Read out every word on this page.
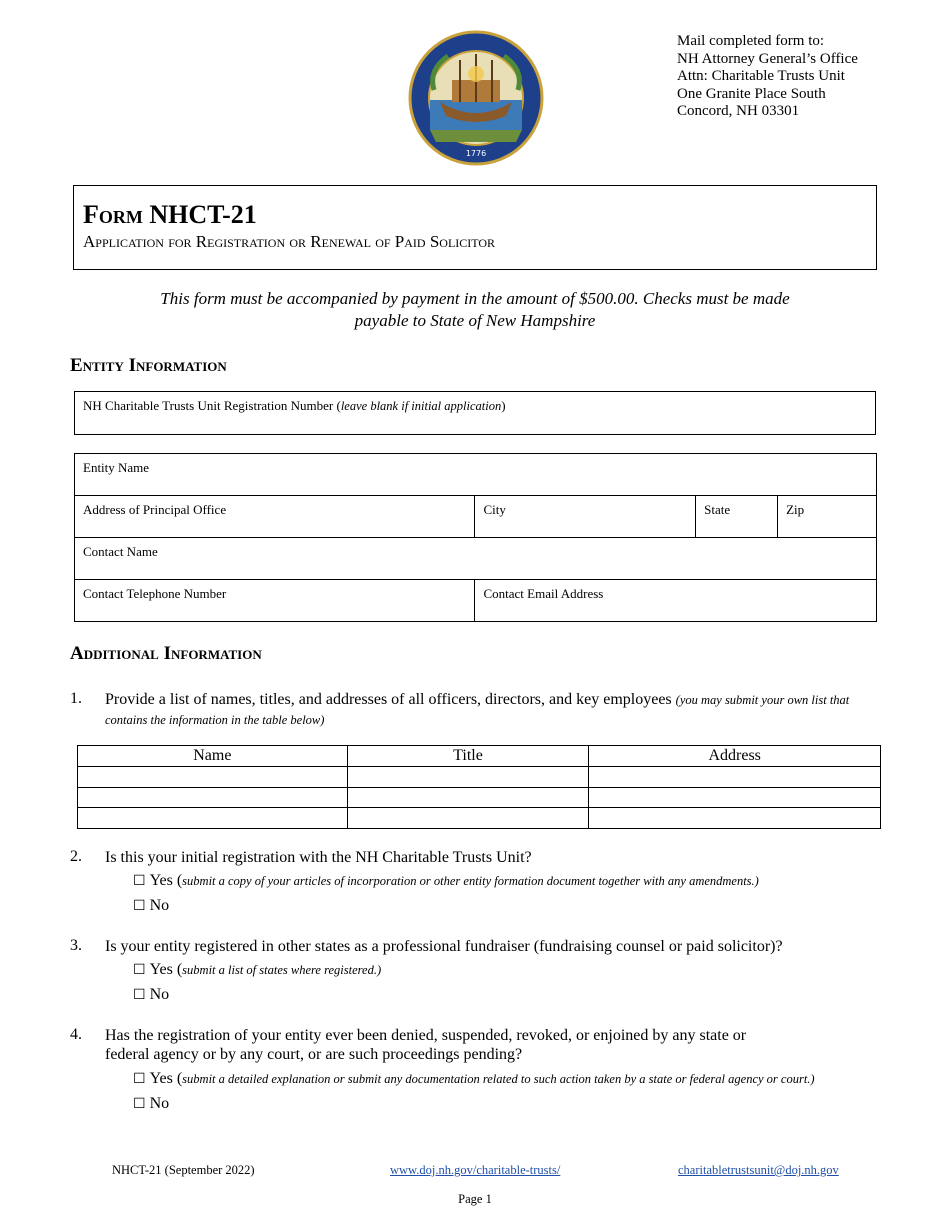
1776
Mail completed form to:
NH Attorney General’s Office
Attn: Charitable Trusts Unit
One Granite Place South
Concord, NH 03301
Form NHCT-21
Application for Registration or Renewal of Paid Solicitor
This form must be accompanied by payment in the amount of $500.00. Checks must be made
payable to State of New Hampshire
Entity Information
NH Charitable Trusts Unit Registration Number (leave blank if initial application)
Entity Name			
Address of Principal Office	City	State	Zip
Contact Name			
Contact Telephone Number	Contact Email Address		
Additional Information
1. Provide a list of names, titles, and addresses of all officers, directors, and key employees (you may submit your own list that contains the information in the table below)
Name	Title	Address

2. Is this your initial registration with the NH Charitable Trusts Unit?
☐ Yes (submit a copy of your articles of incorporation or other entity formation document together with any amendments.)
☐ No
3. Is your entity registered in other states as a professional fundraiser (fundraising counsel or paid solicitor)?
☐ Yes (submit a list of states where registered.)
☐ No
4. Has the registration of your entity ever been denied, suspended, revoked, or enjoined by any state or
federal agency or by any court, or are such proceedings pending?
☐ Yes (submit a detailed explanation or submit any documentation related to such action taken by a state or federal agency or court.)
☐ No
NHCT-21 (September 2022)	www.doj.nh.gov/charitable-trusts/	charitabletrustsunit@doj.nh.gov
Page 1
